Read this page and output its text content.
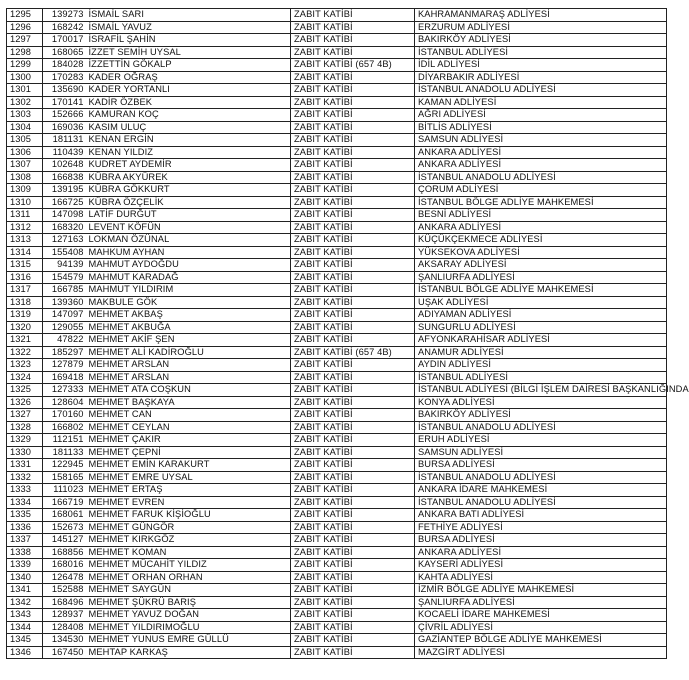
1295	139273	İSMAİL SARI	ZABIT KATİBİ	KAHRAMANMARAŞ ADLİYESİ
1296	168242	İSMAİL YAVUZ	ZABIT KATİBİ	ERZURUM ADLİYESİ
1297	170017	İSRAFİL ŞAHİN	ZABIT KATİBİ	BAKIRKÖY ADLİYESİ
1298	168065	İZZET SEMİH UYSAL	ZABIT KATİBİ	İSTANBUL ADLİYESİ
1299	184028	İZZETTİN GÖKALP	ZABIT KATİBİ (657 4B)	İDİL ADLİYESİ
1300	170283	KADER OĞRAŞ	ZABIT KATİBİ	DİYARBAKIR ADLİYESİ
1301	135690	KADER YORTANLI	ZABIT KATİBİ	İSTANBUL ANADOLU ADLİYESİ
1302	170141	KADİR ÖZBEK	ZABIT KATİBİ	KAMAN ADLİYESİ
1303	152666	KAMURAN KOÇ	ZABIT KATİBİ	AĞRI ADLİYESİ
1304	169036	KASIM ULUÇ	ZABIT KATİBİ	BİTLİS ADLİYESİ
1305	181131	KENAN ERGİN	ZABIT KATİBİ	SAMSUN ADLİYESİ
1306	110439	KENAN YILDIZ	ZABIT KATİBİ	ANKARA ADLİYESİ
1307	102648	KUDRET AYDEMİR	ZABIT KATİBİ	ANKARA ADLİYESİ
1308	166838	KÜBRA AKYÜREK	ZABIT KATİBİ	İSTANBUL ANADOLU ADLİYESİ
1309	139195	KÜBRA GÖKKURT	ZABIT KATİBİ	ÇORUM ADLİYESİ
1310	166725	KÜBRA ÖZÇELİK	ZABIT KATİBİ	İSTANBUL BÖLGE ADLİYE MAHKEMESİ
1311	147098	LATİF DURĞUT	ZABIT KATİBİ	BESNİ ADLİYESİ
1312	168320	LEVENT KÖFÜN	ZABIT KATİBİ	ANKARA ADLİYESİ
1313	127163	LOKMAN ÖZÜNAL	ZABIT KATİBİ	KÜÇÜKÇEKMECE ADLİYESİ
1314	155408	MAHKUM AYHAN	ZABIT KATİBİ	YÜKSEKOVA ADLİYESİ
1315	94139	MAHMUT AYDOĞDU	ZABIT KATİBİ	AKSARAY ADLİYESİ
1316	154579	MAHMUT KARADAĞ	ZABIT KATİBİ	ŞANLIURFA ADLİYESİ
1317	166785	MAHMUT YILDIRIM	ZABIT KATİBİ	İSTANBUL BÖLGE ADLİYE MAHKEMESİ
1318	139360	MAKBULE GÖK	ZABIT KATİBİ	UŞAK ADLİYESİ
1319	147097	MEHMET AKBAŞ	ZABIT KATİBİ	ADIYAMAN ADLİYESİ
1320	129055	MEHMET AKBUĞA	ZABIT KATİBİ	SUNGURLU ADLİYESİ
1321	47822	MEHMET AKİF ŞEN	ZABIT KATİBİ	AFYONKARAHİSAR ADLİYESİ
1322	185297	MEHMET ALİ KADİROĞLU	ZABIT KATİBİ (657 4B)	ANAMUR ADLİYESİ
1323	127879	MEHMET ARSLAN	ZABIT KATİBİ	AYDIN ADLİYESİ
1324	169418	MEHMET ARSLAN	ZABIT KATİBİ	İSTANBUL ADLİYESİ
1325	127333	MEHMET ATA COŞKUN	ZABIT KATİBİ	İSTANBUL ADLİYESİ (BİLGİ İŞLEM DAİRESİ BAŞKANLIĞINDA
1326	128604	MEHMET BAŞKAYA	ZABIT KATİBİ	KONYA ADLİYESİ
1327	170160	MEHMET CAN	ZABIT KATİBİ	BAKIRKÖY ADLİYESİ
1328	166802	MEHMET CEYLAN	ZABIT KATİBİ	İSTANBUL ANADOLU ADLİYESİ
1329	112151	MEHMET ÇAKIR	ZABIT KATİBİ	ERUH ADLİYESİ
1330	181133	MEHMET ÇEPNİ	ZABIT KATİBİ	SAMSUN ADLİYESİ
1331	122945	MEHMET EMİN KARAKURT	ZABIT KATİBİ	BURSA ADLİYESİ
1332	158165	MEHMET EMRE UYSAL	ZABIT KATİBİ	İSTANBUL ANADOLU ADLİYESİ
1333	111023	MEHMET ERTAŞ	ZABIT KATİBİ	ANKARA İDARE MAHKEMESİ
1334	166719	MEHMET EVREN	ZABIT KATİBİ	İSTANBUL ANADOLU ADLİYESİ
1335	168061	MEHMET FARUK KİŞİOĞLU	ZABIT KATİBİ	ANKARA BATI ADLİYESİ
1336	152673	MEHMET GÜNGÖR	ZABIT KATİBİ	FETHİYE ADLİYESİ
1337	145127	MEHMET KIRKGÖZ	ZABIT KATİBİ	BURSA ADLİYESİ
1338	168856	MEHMET KOMAN	ZABIT KATİBİ	ANKARA ADLİYESİ
1339	168016	MEHMET MÜCAHİT YILDIZ	ZABIT KATİBİ	KAYSERİ ADLİYESİ
1340	126478	MEHMET ORHAN ORHAN	ZABIT KATİBİ	KAHTA ADLİYESİ
1341	152588	MEHMET SAYGÜN	ZABIT KATİBİ	İZMİR BÖLGE ADLİYE MAHKEMESİ
1342	168496	MEHMET ŞÜKRÜ BARIŞ	ZABIT KATİBİ	ŞANLIURFA ADLİYESİ
1343	128937	MEHMET YAVUZ DOĞAN	ZABIT KATİBİ	KOCAELİ İDARE MAHKEMESİ
1344	128408	MEHMET YILDIRIMOĞLU	ZABIT KATİBİ	ÇİVRİL ADLİYESİ
1345	134530	MEHMET YUNUS EMRE GÜLLÜ	ZABIT KATİBİ	GAZİANTEP BÖLGE ADLİYE MAHKEMESİ
1346	167450	MEHTAP KARKAŞ	ZABIT KATİBİ	MAZGİRT ADLİYESİ
